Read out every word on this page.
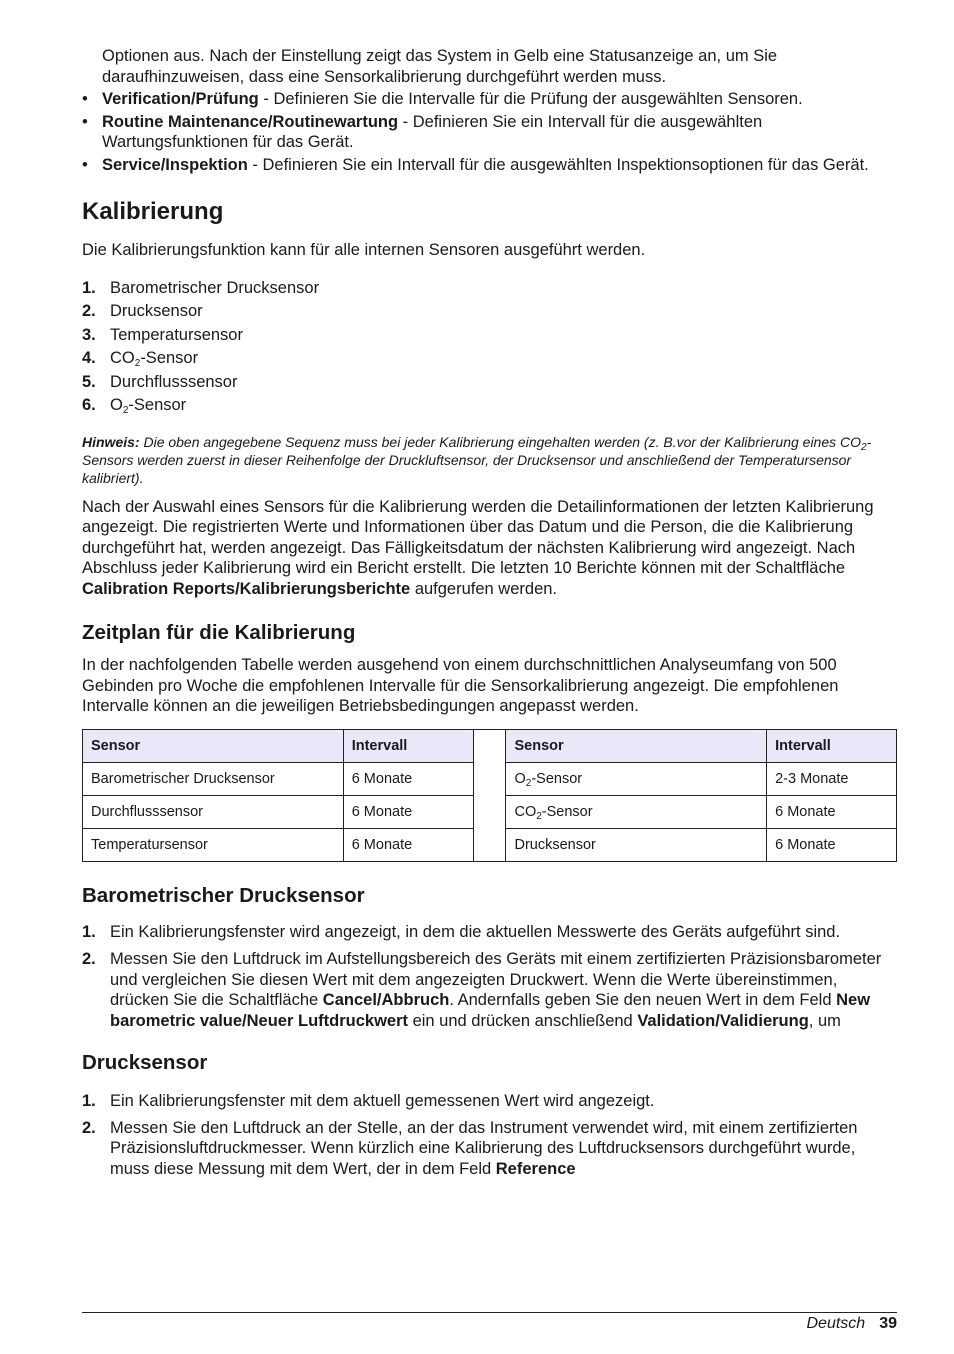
Optionen aus. Nach der Einstellung zeigt das System in Gelb eine Statusanzeige an, um Sie daraufhinzuweisen, dass eine Sensorkalibrierung durchgeführt werden muss.

• Verification/Prüfung - Definieren Sie die Intervalle für die Prüfung der ausgewählten Sensoren.
• Routine Maintenance/Routinewartung - Definieren Sie ein Intervall für die ausgewählten Wartungsfunktionen für das Gerät.
• Service/Inspektion - Definieren Sie ein Intervall für die ausgewählten Inspektionsoptionen für das Gerät.
Kalibrierung

Die Kalibrierungsfunktion kann für alle internen Sensoren ausgeführt werden.

1. Barometrischer Drucksensor
2. Drucksensor
3. Temperatursensor
4. $CO_2$-Sensor
5. Durchflusssensor
6. $O_2$-Sensor

Hinweis: Die oben angegebene Sequenz muss bei jeder Kalibrierung eingehalten werden (z. B.vor der Kalibrierung eines $CO_2$-Sensors werden zuerst in dieser Reihenfolge der Druckluftsensor, der Drucksensor und anschließend der Temperatursensor kalibriert).

Nach der Auswahl eines Sensors für die Kalibrierung werden die Detailinformationen der letzten Kalibrierung angezeigt. Die registrierten Werte und Informationen über das Datum und die Person, die die Kalibrierung durchgeführt hat, werden angezeigt. Das Fälligkeitsdatum der nächsten Kalibrierung wird angezeigt. Nach Abschluss jeder Kalibrierung wird ein Bericht erstellt. Die letzten 10 Berichte können mit der Schaltfläche Calibration Reports/Kalibrierungsberichte aufgerufen werden.

Zeitplan für die Kalibrierung

In der nachfolgenden Tabelle werden ausgehend von einem durchschnittlichen Analyseumfang von 500 Gebinden pro Woche die empfohlenen Intervalle für die Sensorkalibrierung angezeigt. Die empfohlenen Intervalle können an die jeweiligen Betriebsbedingungen angepasst werden.

Sensor	Intervall		Sensor	Intervall
Barometrischer Drucksensor	6 Monate		$O_2$-Sensor	2-3 Monate
Durchflusssensor	6 Monate		$CO_2$-Sensor	6 Monate
Temperatursensor	6 Monate		Drucksensor	6 Monate
Barometrischer Drucksensor
1. Ein Kalibrierungsfenster wird angezeigt, in dem die aktuellen Messwerte des Geräts aufgeführt sind.
2. Messen Sie den Luftdruck im Aufstellungsbereich des Geräts mit einem zertifizierten Präzisionsbarometer und vergleichen Sie diesen Wert mit dem angezeigten Druckwert. Wenn die Werte übereinstimmen, drücken Sie die Schaltfläche Cancel/Abbruch. Andernfalls geben Sie den neuen Wert in dem Feld New barometric value/Neuer Luftdruckwert ein und drücken anschließend Validation/Validierung, um
Drucksensor
1. Ein Kalibrierungsfenster mit dem aktuell gemessenen Wert wird angezeigt.
2. Messen Sie den Luftdruck an der Stelle, an der das Instrument verwendet wird, mit einem zertifizierten Präzisionsluftdruckmesser. Wenn kürzlich eine Kalibrierung des Luftdrucksensors durchgeführt wurde, muss diese Messung mit dem Wert, der in dem Feld Reference
Deutsch 39
